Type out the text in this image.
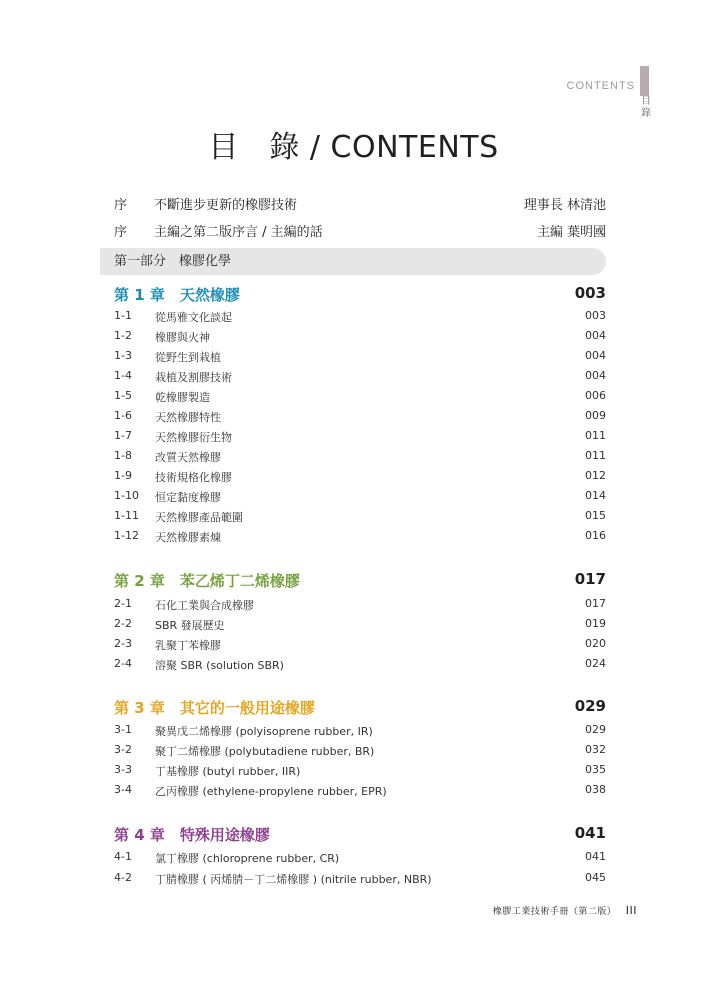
CONTENTS
目錄
目　錄 / CONTENTS
序 不斷進步更新的橡膠技術	理事長 林清池
序 主編之第二版序言 / 主編的話	主編 葉明國
第一部分　橡膠化學
第 1 章　天然橡膠	003
1-1 從馬雅文化談起	003
1-2 橡膠與火神	004
1-3 從野生到栽植	004
1-4 栽植及割膠技術	004
1-5 乾橡膠製造	006
1-6 天然橡膠特性	009
1-7 天然橡膠衍生物	011
1-8 改質天然橡膠	011
1-9 技術規格化橡膠	012
1-10 恒定黏度橡膠	014
1-11 天然橡膠產品範圍	015
1-12 天然橡膠素煉	016
第 2 章　苯乙烯丁二烯橡膠	017
2-1 石化工業與合成橡膠	017
2-2 SBR 發展歷史	019
2-3 乳聚丁苯橡膠	020
2-4 溶聚 SBR (solution SBR)	024
第 3 章　其它的一般用途橡膠	029
3-1 聚異戊二烯橡膠 (polyisoprene rubber, IR)	029
3-2 聚丁二烯橡膠 (polybutadiene rubber, BR)	032
3-3 丁基橡膠 (butyl rubber, IIR)	035
3-4 乙丙橡膠 (ethylene-propylene rubber, EPR)	038
第 4 章　特殊用途橡膠	041
4-1 氯丁橡膠 (chloroprene rubber, CR)	041
4-2 丁腈橡膠 ( 丙烯腈－丁二烯橡膠 ) (nitrile rubber, NBR)	045
橡膠工業技術手冊（第二版） III
